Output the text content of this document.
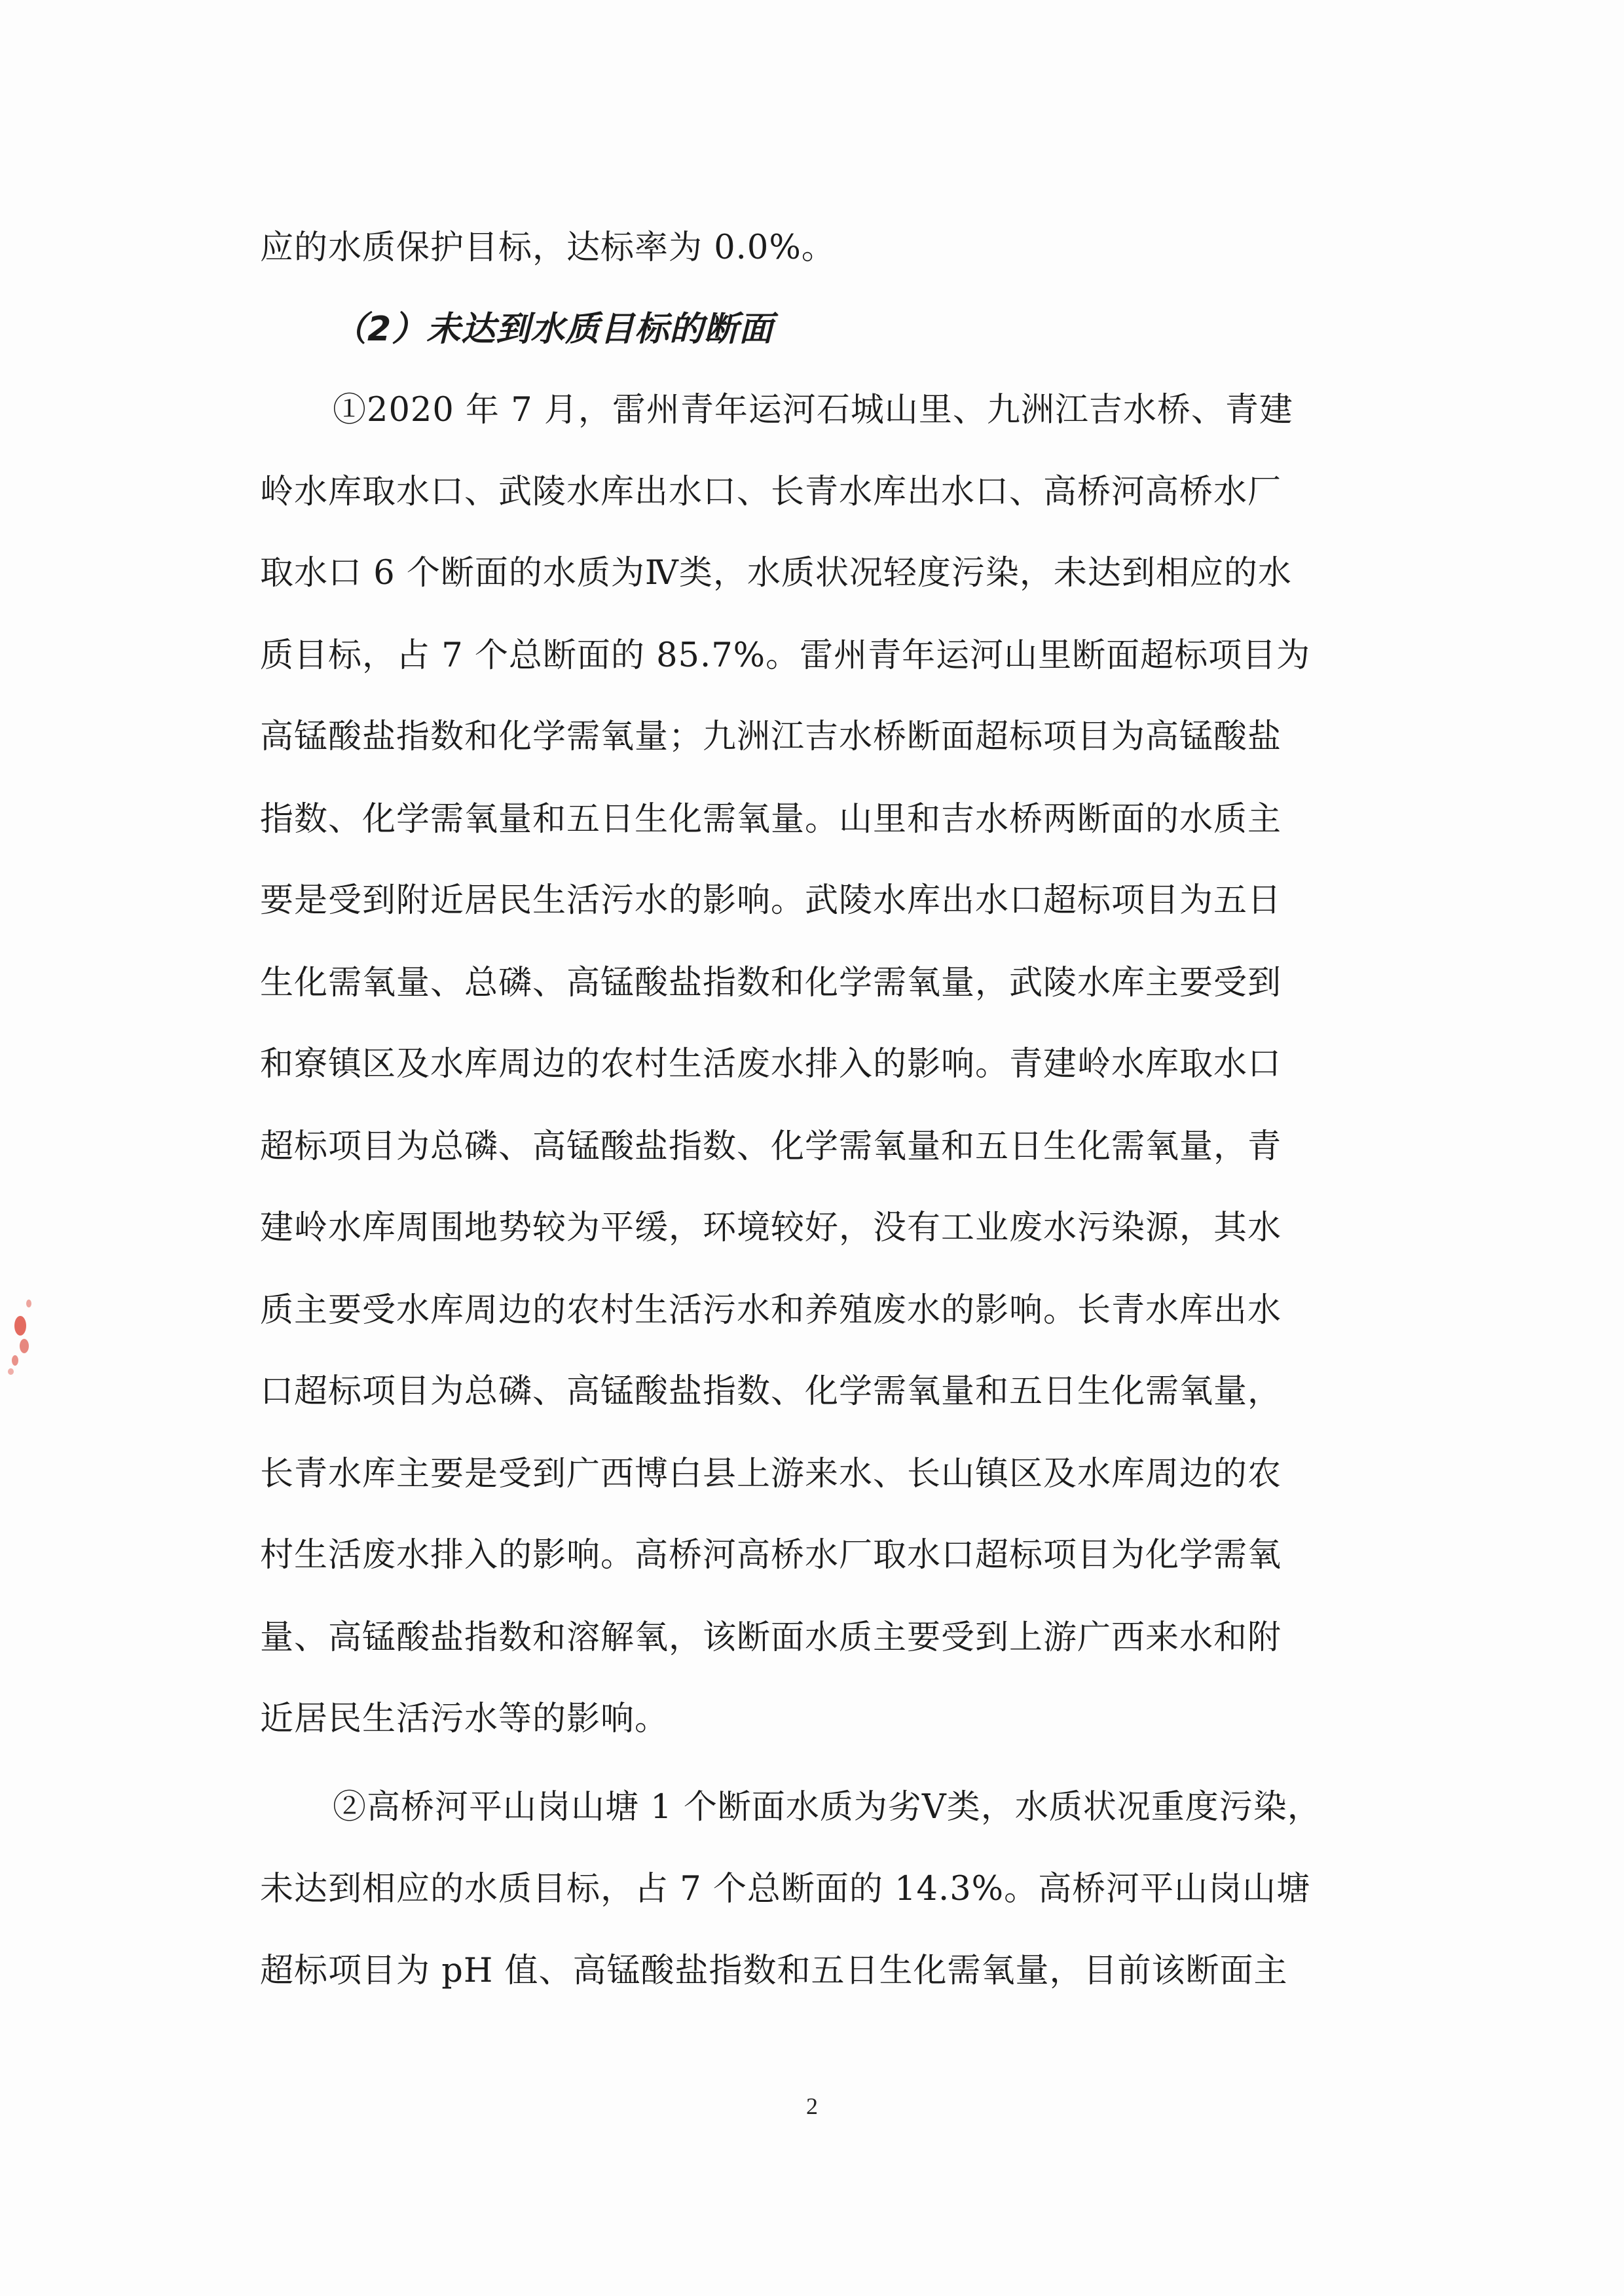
应的水质保护目标，达标率为 0.0%。
（2）未达到水质目标的断面
①2020 年 7 月，雷州青年运河石城山里、九洲江吉水桥、青建
岭水库取水口、武陵水库出水口、长青水库出水口、高桥河高桥水厂
取水口 6 个断面的水质为Ⅳ类，水质状况轻度污染，未达到相应的水
质目标，占 7 个总断面的 85.7%。雷州青年运河山里断面超标项目为
高锰酸盐指数和化学需氧量；九洲江吉水桥断面超标项目为高锰酸盐
指数、化学需氧量和五日生化需氧量。山里和吉水桥两断面的水质主
要是受到附近居民生活污水的影响。武陵水库出水口超标项目为五日
生化需氧量、总磷、高锰酸盐指数和化学需氧量，武陵水库主要受到
和寮镇区及水库周边的农村生活废水排入的影响。青建岭水库取水口
超标项目为总磷、高锰酸盐指数、化学需氧量和五日生化需氧量，青
建岭水库周围地势较为平缓，环境较好，没有工业废水污染源，其水
质主要受水库周边的农村生活污水和养殖废水的影响。长青水库出水
口超标项目为总磷、高锰酸盐指数、化学需氧量和五日生化需氧量，
长青水库主要是受到广西博白县上游来水、长山镇区及水库周边的农
村生活废水排入的影响。高桥河高桥水厂取水口超标项目为化学需氧
量、高锰酸盐指数和溶解氧，该断面水质主要受到上游广西来水和附
近居民生活污水等的影响。
②高桥河平山岗山塘 1 个断面水质为劣Ⅴ类，水质状况重度污染，
未达到相应的水质目标，占 7 个总断面的 14.3%。高桥河平山岗山塘
超标项目为 pH 值、高锰酸盐指数和五日生化需氧量，目前该断面主
2
